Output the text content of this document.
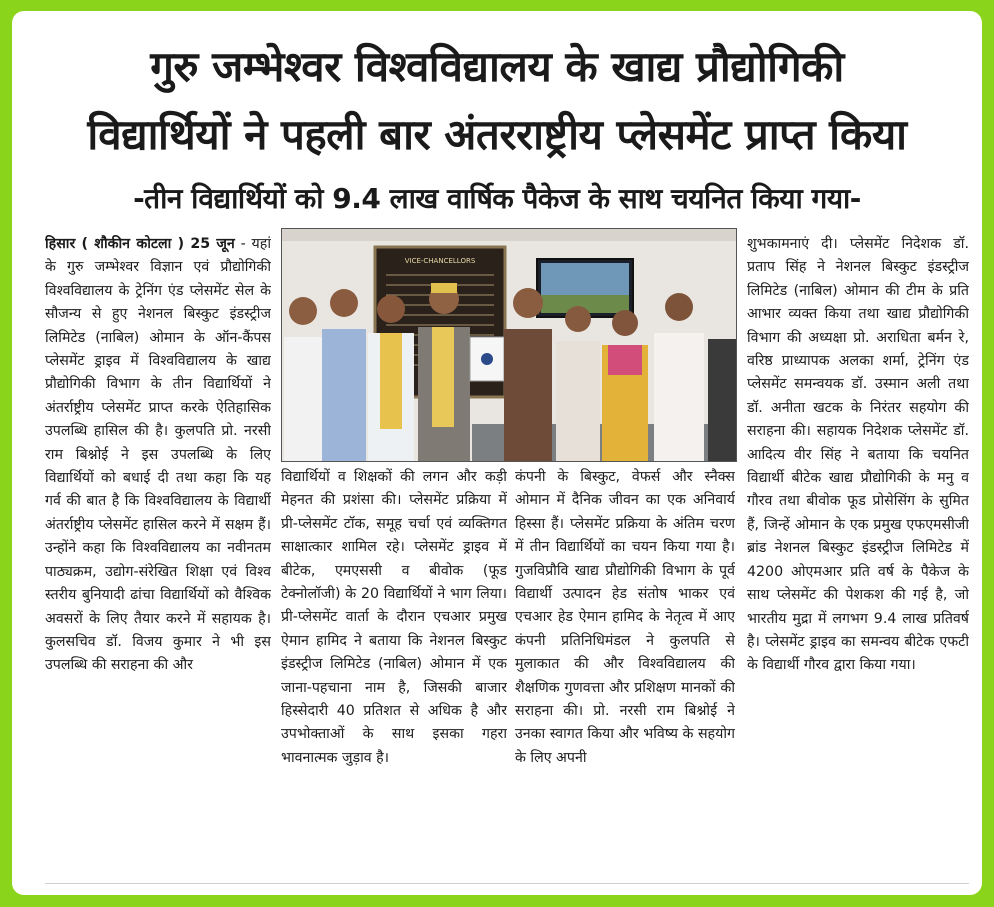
गुरु जम्भेश्वर विश्वविद्यालय के खाद्य प्रौद्योगिकी
विद्यार्थियों ने पहली बार अंतरराष्ट्रीय प्लेसमेंट प्राप्त किया
-तीन विद्यार्थियों को 9.4 लाख वार्षिक पैकेज के साथ चयनित किया गया-

हिसार ( शौकीन कोटला ) 25 जून - यहां के गुरु जम्भेश्वर विज्ञान एवं प्रौद्योगिकी विश्वविद्यालय के ट्रेनिंग एंड प्लेसमेंट सेल के सौजन्य से हुए नेशनल बिस्कुट इंडस्ट्रीज लिमिटेड (नाबिल) ओमान के ऑन-कैंपस प्लेसमेंट ड्राइव में विश्वविद्यालय के खाद्य प्रौद्योगिकी विभाग के तीन विद्यार्थियों ने अंतर्राष्ट्रीय प्लेसमेंट प्राप्त करके ऐतिहासिक उपलब्धि हासिल की है। कुलपति प्रो. नरसी राम बिश्नोई ने इस उपलब्धि के लिए विद्यार्थियों को बधाई दी तथा कहा कि यह गर्व की बात है कि विश्वविद्यालय के विद्यार्थी अंतर्राष्ट्रीय प्लेसमेंट हासिल करने में सक्षम हैं। उन्होंने कहा कि विश्वविद्यालय का नवीनतम पाठ्यक्रम, उद्योग-संरेखित शिक्षा एवं विश्व स्तरीय बुनियादी ढांचा विद्यार्थियों को वैश्विक अवसरों के लिए तैयार करने में सहायक है। कुलसचिव डॉ. विजय कुमार ने भी इस उपलब्धि की सराहना की और

VICE-CHANCELLORS

विद्यार्थियों व शिक्षकों की लगन और कड़ी मेहनत की प्रशंसा की। प्लेसमेंट प्रक्रिया में प्री-प्लेसमेंट टॉक, समूह चर्चा एवं व्यक्तिगत साक्षात्कार शामिल रहे। प्लेसमेंट ड्राइव में बीटेक, एमएससी व बीवोक (फूड टेक्नोलॉजी) के 20 विद्यार्थियों ने भाग लिया। प्री-प्लेसमेंट वार्ता के दौरान एचआर प्रमुख ऐमान हामिद ने बताया कि नेशनल बिस्कुट इंडस्ट्रीज लिमिटेड (नाबिल) ओमान में एक जाना-पहचाना नाम है, जिसकी बाजार हिस्सेदारी 40 प्रतिशत से अधिक है और उपभोक्ताओं के साथ इसका गहरा भावनात्मक जुड़ाव है।

कंपनी के बिस्कुट, वेफर्स और स्नैक्स ओमान में दैनिक जीवन का एक अनिवार्य हिस्सा हैं। प्लेसमेंट प्रक्रिया के अंतिम चरण में तीन विद्यार्थियों का चयन किया गया है। गुजविप्रौवि खाद्य प्रौद्योगिकी विभाग के पूर्व विद्यार्थी उत्पादन हेड संतोष भाकर एवं एचआर हेड ऐमान हामिद के नेतृत्व में आए कंपनी प्रतिनिधिमंडल ने कुलपति से मुलाकात की और विश्वविद्यालय की शैक्षणिक गुणवत्ता और प्रशिक्षण मानकों की सराहना की। प्रो. नरसी राम बिश्नोई ने उनका स्वागत किया और भविष्य के सहयोग के लिए अपनी

शुभकामनाएं दी। प्लेसमेंट निदेशक डॉ. प्रताप सिंह ने नेशनल बिस्कुट इंडस्ट्रीज लिमिटेड (नाबिल) ओमान की टीम के प्रति आभार व्यक्त किया तथा खाद्य प्रौद्योगिकी विभाग की अध्यक्षा प्रो. अराधिता बर्मन रे, वरिष्ठ प्राध्यापक अलका शर्मा, ट्रेनिंग एंड प्लेसमेंट समन्वयक डॉ. उस्मान अली तथा डॉ. अनीता खटक के निरंतर सहयोग की सराहना की। सहायक निदेशक प्लेसमेंट डॉ. आदित्य वीर सिंह ने बताया कि चयनित विद्यार्थी बीटेक खाद्य प्रौद्योगिकी के मनु व गौरव तथा बीवोक फूड प्रोसेसिंग के सुमित हैं, जिन्हें ओमान के एक प्रमुख एफएमसीजी ब्रांड नेशनल बिस्कुट इंडस्ट्रीज लिमिटेड में 4200 ओएमआर प्रति वर्ष के पैकेज के साथ प्लेसमेंट की पेशकश की गई है, जो भारतीय मुद्रा में लगभग 9.4 लाख प्रतिवर्ष है। प्लेसमेंट ड्राइव का समन्वय बीटेक एफटी के विद्यार्थी गौरव द्वारा किया गया।
